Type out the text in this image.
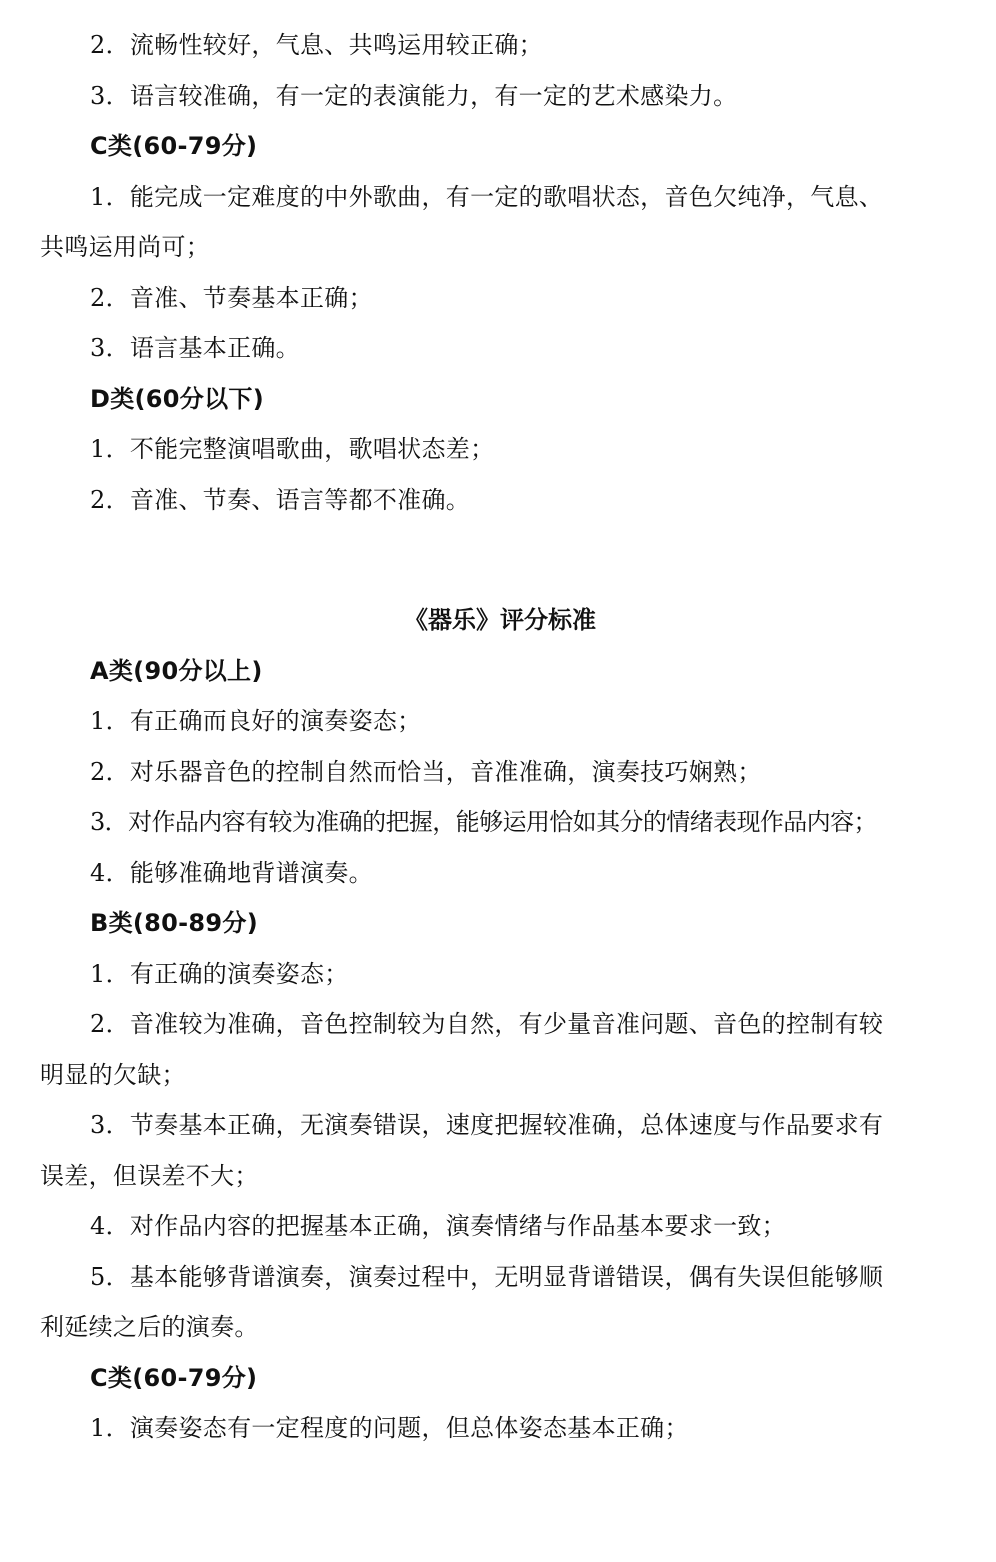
2．流畅性较好，气息、共鸣运用较正确；
3．语言较准确，有一定的表演能力，有一定的艺术感染力。
C类(60-79分)
1．能完成一定难度的中外歌曲，有一定的歌唱状态，音色欠纯净，气息、
共鸣运用尚可；
2．音准、节奏基本正确；
3．语言基本正确。
D类(60分以下)
1．不能完整演唱歌曲，歌唱状态差；
2．音准、节奏、语言等都不准确。
《器乐》评分标准
A类(90分以上)
1．有正确而良好的演奏姿态；
2．对乐器音色的控制自然而恰当，音准准确，演奏技巧娴熟；
3．对作品内容有较为准确的把握，能够运用恰如其分的情绪表现作品内容；
4．能够准确地背谱演奏。
B类(80-89分)
1．有正确的演奏姿态；
2．音准较为准确，音色控制较为自然，有少量音准问题、音色的控制有较
明显的欠缺；
3．节奏基本正确，无演奏错误，速度把握较准确，总体速度与作品要求有
误差，但误差不大；
4．对作品内容的把握基本正确，演奏情绪与作品基本要求一致；
5．基本能够背谱演奏，演奏过程中，无明显背谱错误，偶有失误但能够顺
利延续之后的演奏。
C类(60-79分)
1．演奏姿态有一定程度的问题，但总体姿态基本正确；
